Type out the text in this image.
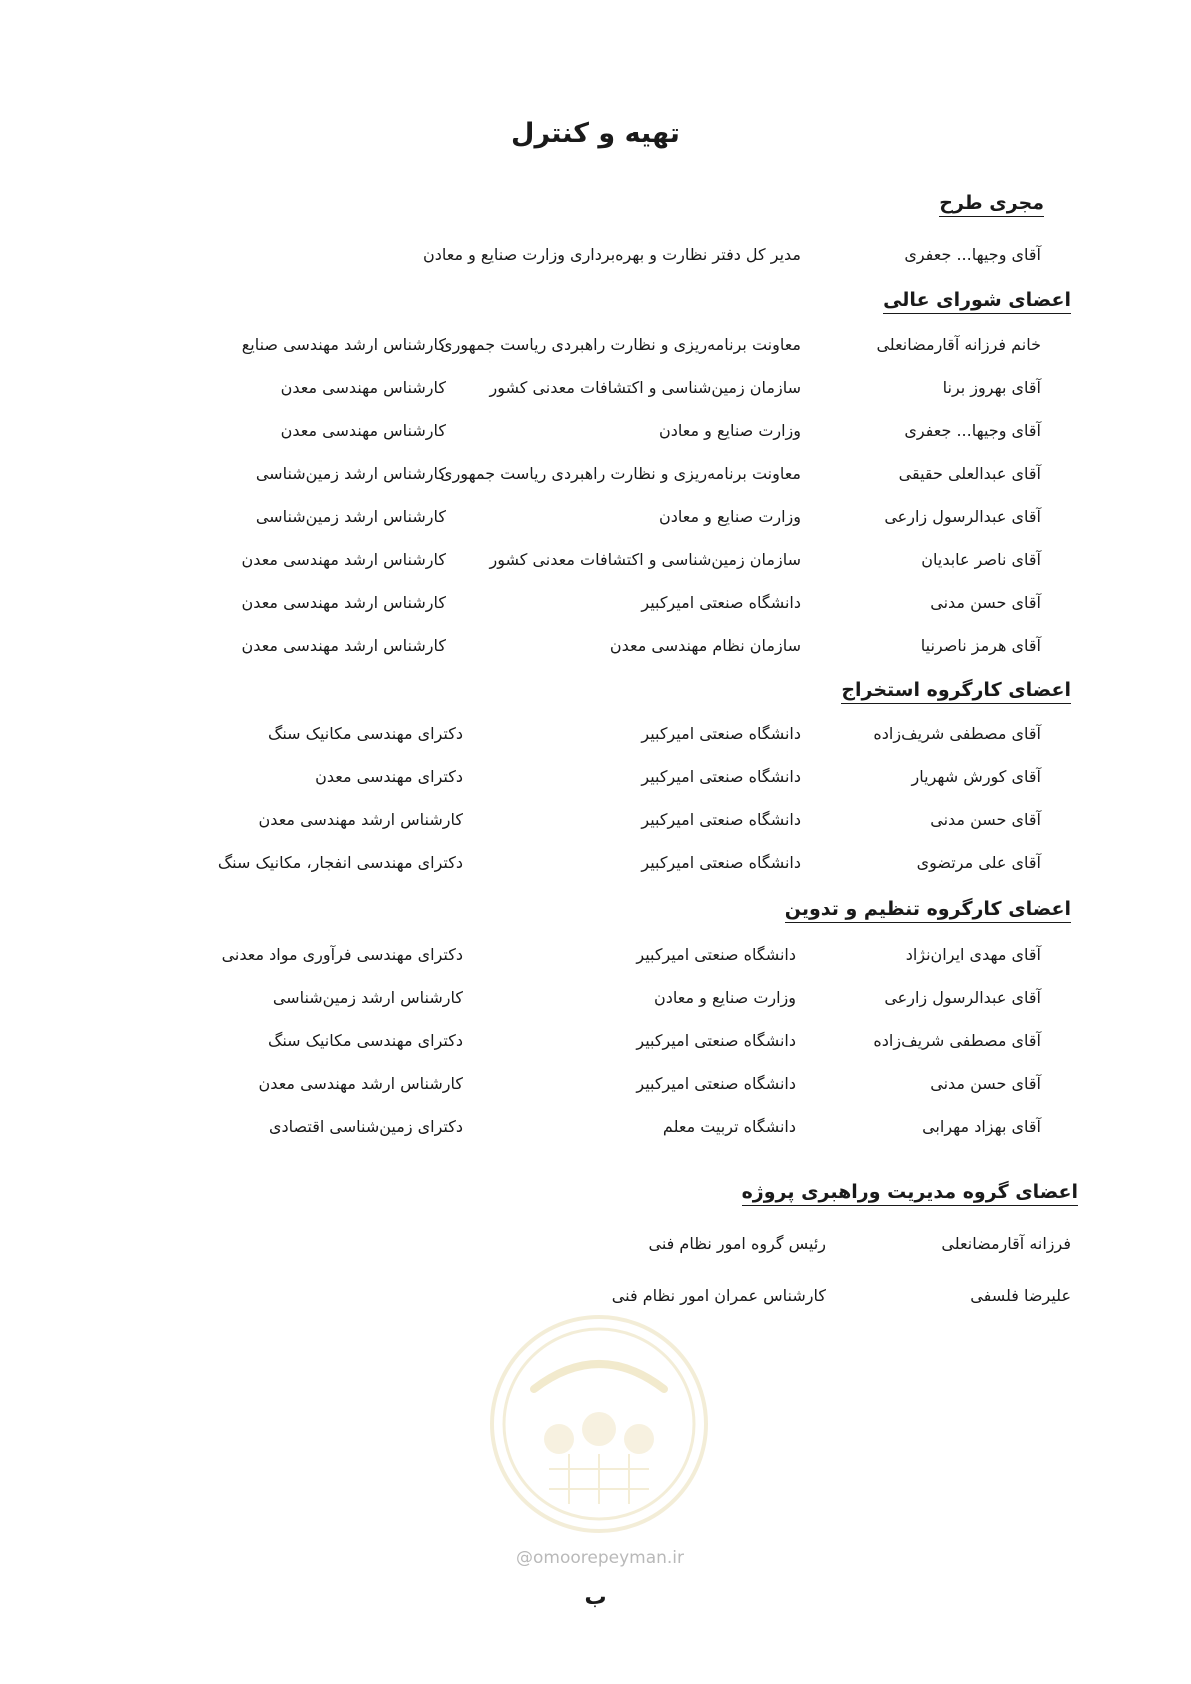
تهیه و کنترل
مجری طرح
آقای وجیها... جعفری
مدیر کل دفتر نظارت و بهره‌برداری وزارت صنایع و معادن
اعضای شورای عالی
خانم فرزانه آقارمضانعلی
معاونت برنامه‌ریزی و نظارت راهبردی ریاست جمهوری
کارشناس ارشد مهندسی صنایع
آقای بهروز برنا
سازمان زمین‌شناسی و اکتشافات معدنی کشور
کارشناس مهندسی معدن
آقای وجیها... جعفری
وزارت صنایع و معادن
کارشناس مهندسی معدن
آقای عبدالعلی حقیقی
معاونت برنامه‌ریزی و نظارت راهبردی ریاست جمهوری
کارشناس ارشد زمین‌شناسی
آقای عبدالرسول زارعی
وزارت صنایع و معادن
کارشناس ارشد زمین‌شناسی
آقای ناصر عابدیان
سازمان زمین‌شناسی و اکتشافات معدنی کشور
کارشناس ارشد مهندسی معدن
آقای حسن مدنی
دانشگاه صنعتی امیرکبیر
کارشناس ارشد مهندسی معدن
آقای هرمز ناصرنیا
سازمان نظام مهندسی معدن
کارشناس ارشد مهندسی معدن
اعضای کارگروه استخراج
آقای مصطفی شریف‌زاده
دانشگاه صنعتی امیرکبیر
دکترای مهندسی مکانیک سنگ
آقای کورش شهریار
دانشگاه صنعتی امیرکبیر
دکترای مهندسی معدن
آقای حسن مدنی
دانشگاه صنعتی امیرکبیر
کارشناس ارشد مهندسی معدن
آقای علی مرتضوی
دانشگاه صنعتی امیرکبیر
دکترای مهندسی انفجار، مکانیک سنگ
اعضای کارگروه تنظیم و تدوین
آقای مهدی ایران‌نژاد
دانشگاه صنعتی امیرکبیر
دکترای مهندسی فرآوری مواد معدنی
آقای عبدالرسول زارعی
وزارت صنایع و معادن
کارشناس ارشد زمین‌شناسی
آقای مصطفی شریف‌زاده
دانشگاه صنعتی امیرکبیر
دکترای مهندسی مکانیک سنگ
آقای حسن مدنی
دانشگاه صنعتی امیرکبیر
کارشناس ارشد مهندسی معدن
آقای بهزاد مهرابی
دانشگاه تربیت معلم
دکترای زمین‌شناسی اقتصادی
اعضای گروه مدیریت وراهبری پروژه
فرزانه آقارمضانعلی
رئیس گروه امور نظام فنی
علیرضا فلسفی
کارشناس عمران امور نظام فنی
@omoorepeyman.ir
ب
